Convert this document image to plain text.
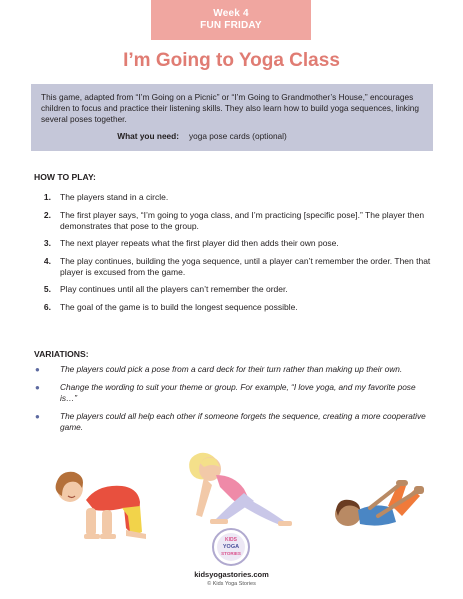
Week 4
FUN FRIDAY
I’m Going to Yoga Class

This game, adapted from “I’m Going on a Picnic” or “I’m Going to Grandmother’s House,” encourages children to focus and practice their listening skills. They also learn how to build yoga sequences, linking several poses together.

What you need: yoga pose cards (optional)
HOW TO PLAY:
1.	The players stand in a circle.
2.	The first player says, “I’m going to yoga class, and I’m practicing [specific pose].” The player then demonstrates that pose to the group.
3.	The next player repeats what the first player did then adds their own pose.
4.	The play continues, building the yoga sequence, until a player can’t remember the order. Then that player is excused from the game.
5.	Play continues until all the players can’t remember the order.
6.	The goal of the game is to build the longest sequence possible.
VARIATIONS:
●	The players could pick a pose from a card deck for their turn rather than making up their own.
●	Change the wording to suit your theme or group. For example, “I love yoga, and my favorite pose is…”
●	The players could all help each other if someone forgets the sequence, creating a more cooperative game.
KIDS
YOGA
STORIES
kidsyogastories.com
© Kids Yoga Stories
